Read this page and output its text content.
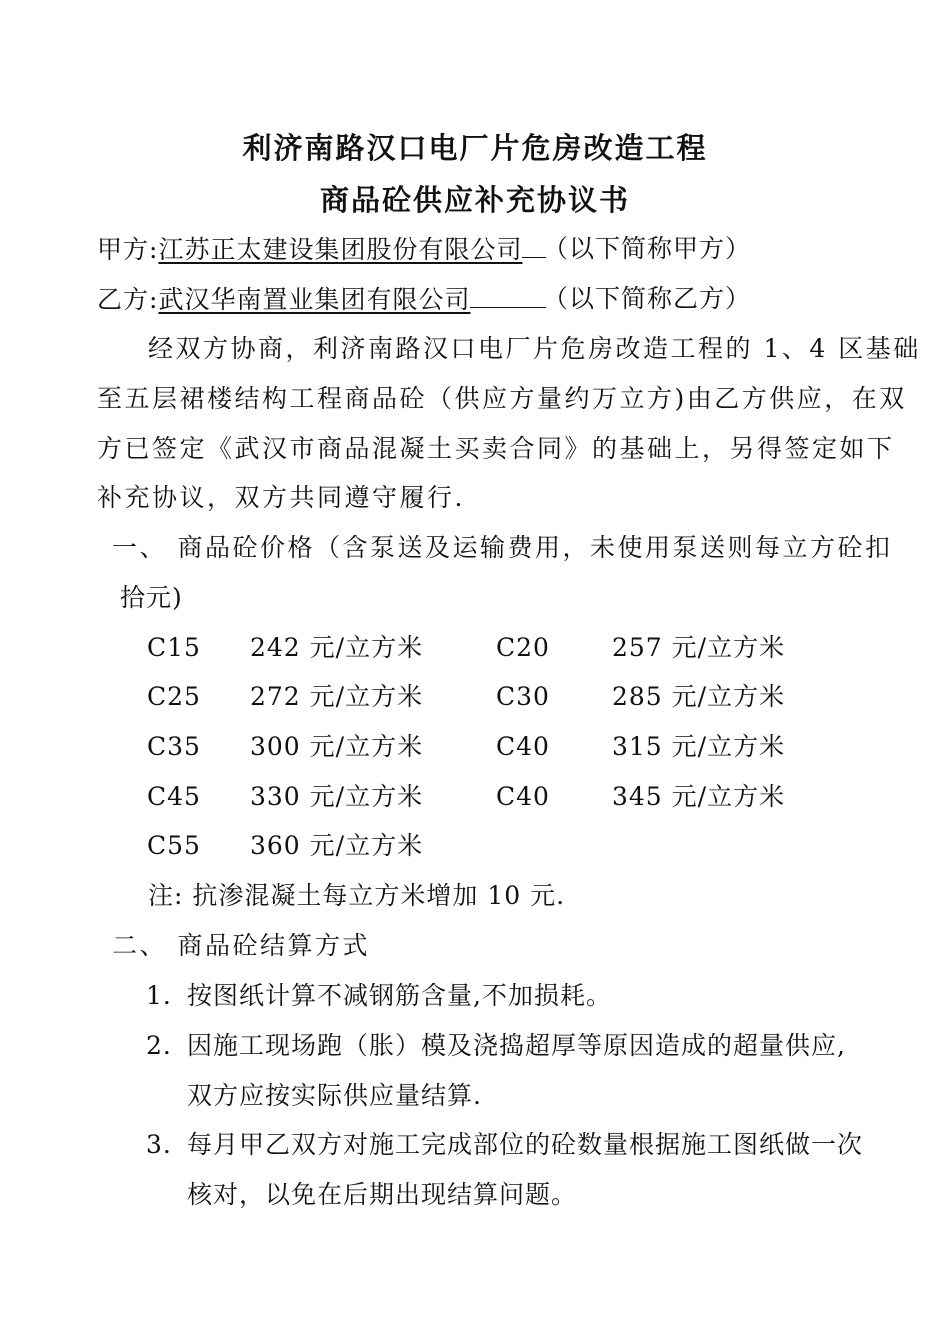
利济南路汉口电厂片危房改造工程
商品砼供应补充协议书
甲方:江苏正太建设集团股份有限公司 （以下简称甲方）
乙方:武汉华南置业集团有限公司	（以下简称乙方）
经双方协商，利济南路汉口电厂片危房改造工程的 1、4 区基础
至五层裙楼结构工程商品砼（供应方量约万立方)由乙方供应，在双
方已签定《武汉市商品混凝土买卖合同》的基础上，另得签定如下
补充协议，双方共同遵守履行.
一、 商品砼价格（含泵送及运输费用，未使用泵送则每立方砼扣
拾元)
C15 242 元/立方米	C20 257 元/立方米
C25 272 元/立方米	C30 285 元/立方米
C35 300 元/立方米	C40 315 元/立方米
C45 330 元/立方米	C40 345 元/立方米
C55 360 元/立方米
注: 抗渗混凝土每立方米增加 10 元.
二、 商品砼结算方式
1. 按图纸计算不减钢筋含量,不加损耗。
2. 因施工现场跑（胀）模及浇捣超厚等原因造成的超量供应,
双方应按实际供应量结算.
3. 每月甲乙双方对施工完成部位的砼数量根据施工图纸做一次
核对，以免在后期出现结算问题。
